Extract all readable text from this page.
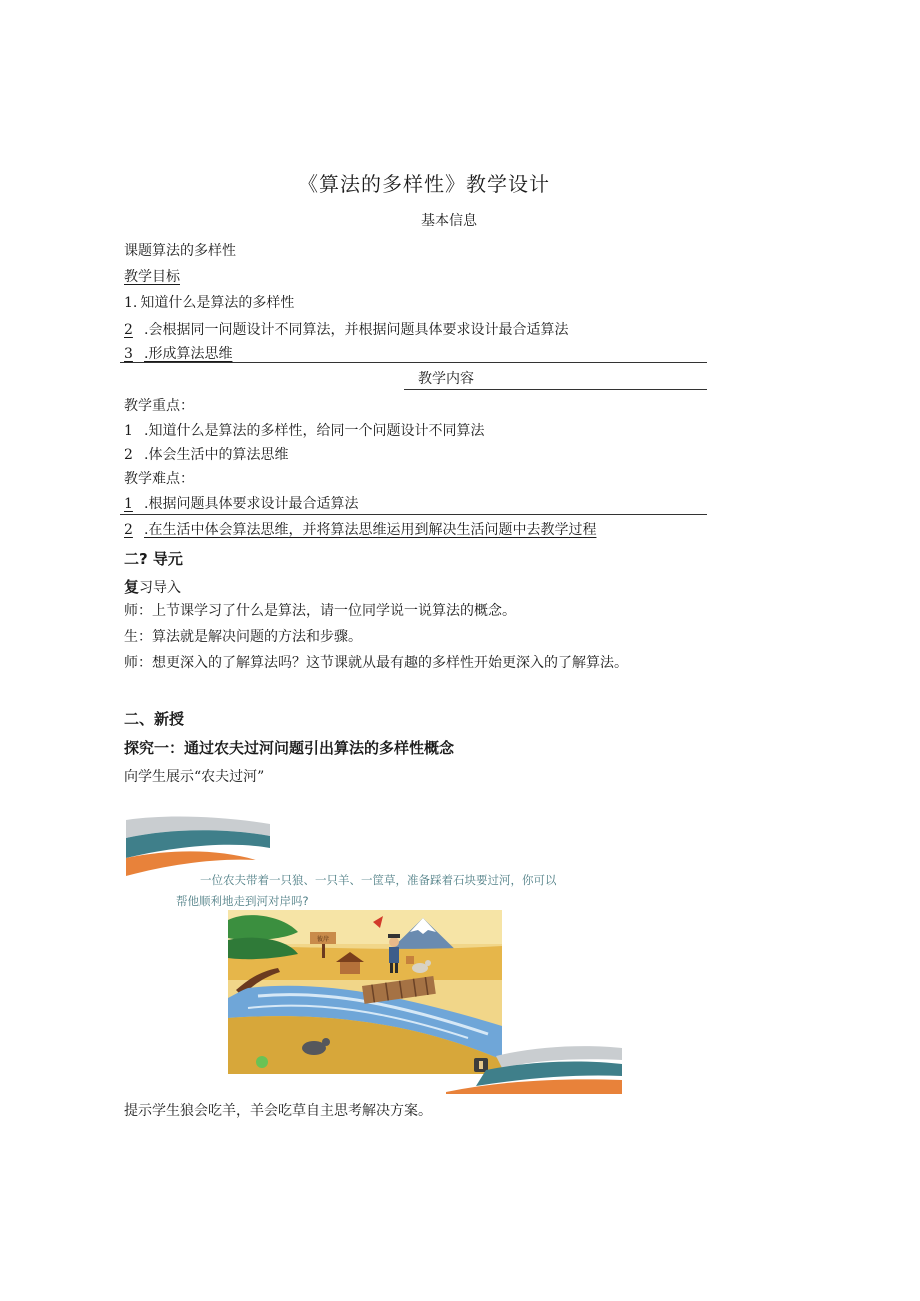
《算法的多样性》教学设计
基本信息
课题算法的多样性
教学目标
1. 知道什么是算法的多样性
2 .会根据同一问题设计不同算法，并根据问题具体要求设计最合适算法
3 .形成算法思维
教学内容
教学重点：
1 .知道什么是算法的多样性，给同一个问题设计不同算法
2 .体会生活中的算法思维
教学难点：
1 .根据问题具体要求设计最合适算法
2 .在生活中体会算法思维，并将算法思维运用到解决生活问题中去教学过程
二? 导元
复习导入
师：上节课学习了什么是算法，请一位同学说一说算法的概念。
生：算法就是解决问题的方法和步骤。
师：想更深入的了解算法吗？这节课就从最有趣的多样性开始更深入的了解算法。
二、新授
探究一：通过农夫过河问题引出算法的多样性概念
向学生展示“农夫过河”
一位农夫带着一只狼、一只羊、一筐草，准备踩着石块要过河，你可以
帮他顺利地走到河对岸吗?
彼岸
提示学生狼会吃羊，羊会吃草自主思考解决方案。
